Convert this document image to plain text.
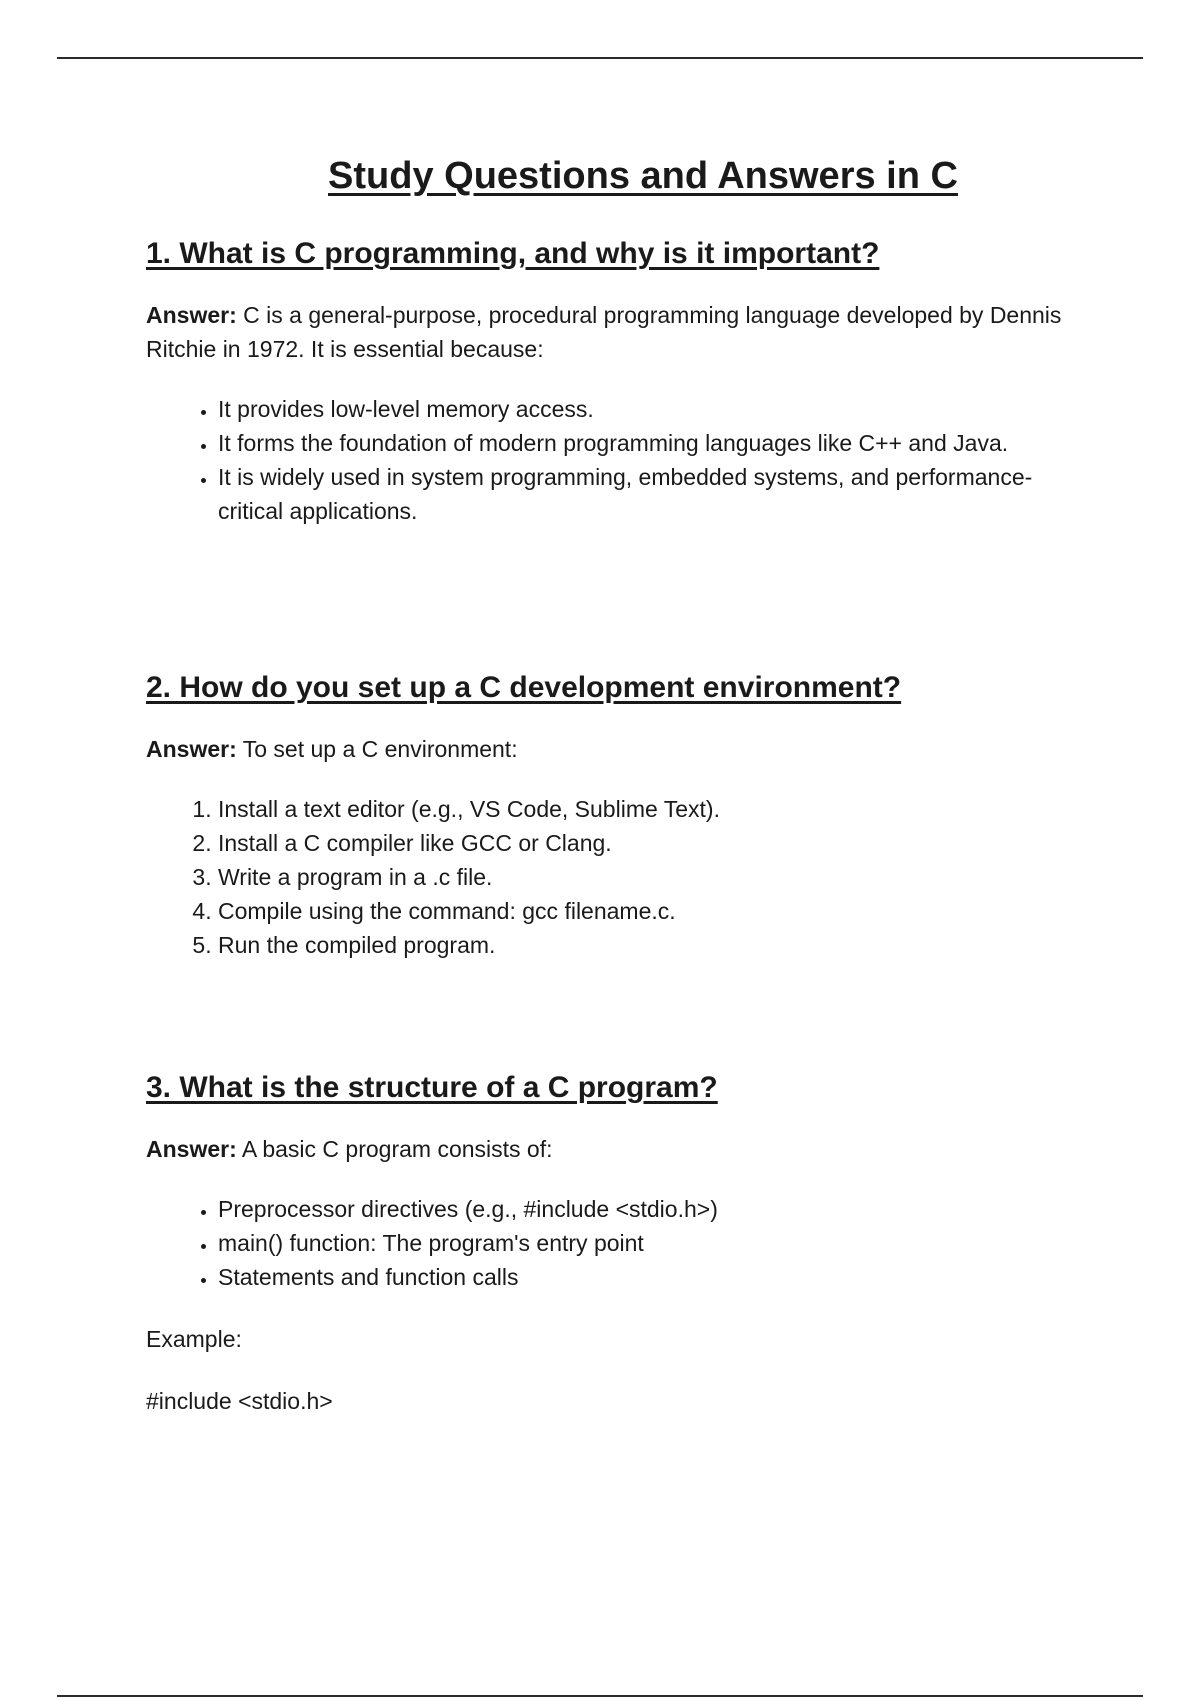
Study Questions and Answers in C
1. What is C programming, and why is it important?

Answer: C is a general-purpose, procedural programming language developed by Dennis Ritchie in 1972. It is essential because:

• It provides low-level memory access.
• It forms the foundation of modern programming languages like C++ and Java.
• It is widely used in system programming, embedded systems, and performance-critical applications.
2. How do you set up a C development environment?

Answer: To set up a C environment:

1. Install a text editor (e.g., VS Code, Sublime Text).
2. Install a C compiler like GCC or Clang.
3. Write a program in a .c file.
4. Compile using the command: gcc filename.c.
5. Run the compiled program.
3. What is the structure of a C program?

Answer: A basic C program consists of:

• Preprocessor directives (e.g., #include <stdio.h>)
• main() function: The program's entry point
• Statements and function calls

Example:

#include <stdio.h>
